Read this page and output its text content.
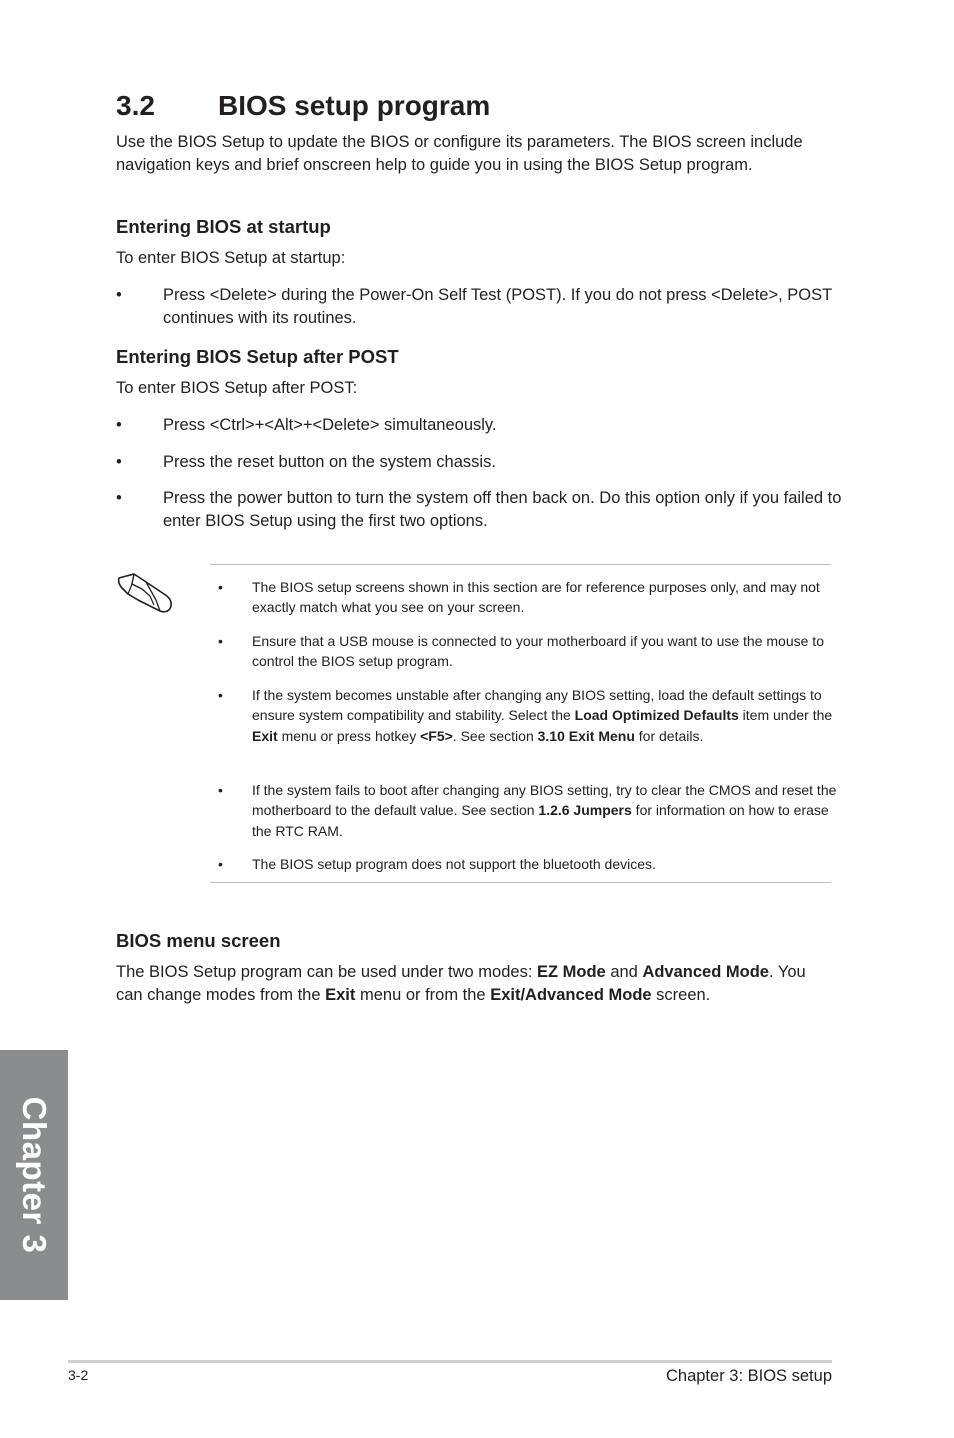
3.2 BIOS setup program
Use the BIOS Setup to update the BIOS or configure its parameters. The BIOS screen include navigation keys and brief onscreen help to guide you in using the BIOS Setup program.
Entering BIOS at startup
To enter BIOS Setup at startup:
• Press <Delete> during the Power-On Self Test (POST). If you do not press <Delete>, POST continues with its routines.
Entering BIOS Setup after POST
To enter BIOS Setup after POST:
• Press <Ctrl>+<Alt>+<Delete> simultaneously.
• Press the reset button on the system chassis.
• Press the power button to turn the system off then back on. Do this option only if you failed to enter BIOS Setup using the first two options.
• The BIOS setup screens shown in this section are for reference purposes only, and may not exactly match what you see on your screen.
• Ensure that a USB mouse is connected to your motherboard if you want to use the mouse to control the BIOS setup program.
• If the system becomes unstable after changing any BIOS setting, load the default settings to ensure system compatibility and stability. Select the Load Optimized Defaults item under the Exit menu or press hotkey <F5>. See section 3.10 Exit Menu for details.
• If the system fails to boot after changing any BIOS setting, try to clear the CMOS and reset the motherboard to the default value. See section 1.2.6 Jumpers for information on how to erase the RTC RAM.
• The BIOS setup program does not support the bluetooth devices.
BIOS menu screen
The BIOS Setup program can be used under two modes: EZ Mode and Advanced Mode. You can change modes from the Exit menu or from the Exit/Advanced Mode screen.
Chapter 3
3-2	Chapter 3: BIOS setup
